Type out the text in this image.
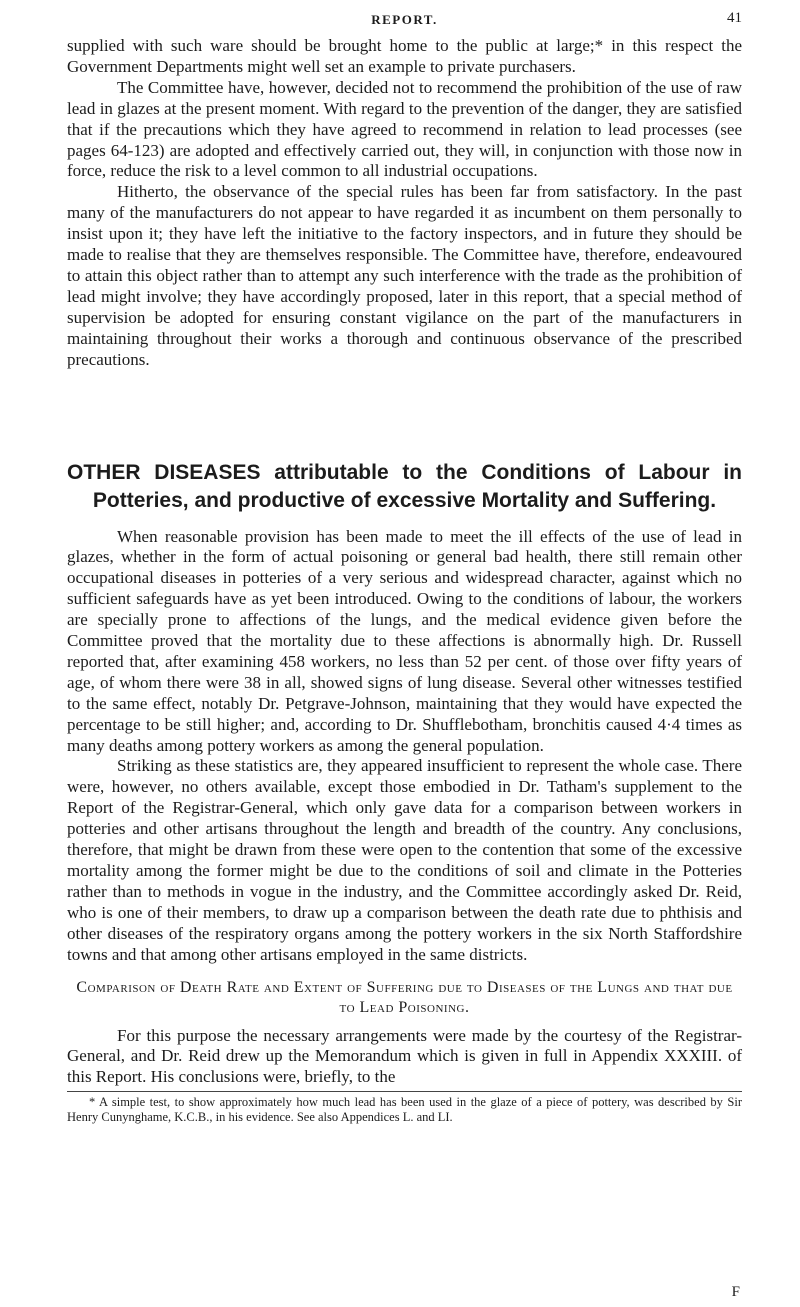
REPORT.	41

supplied with such ware should be brought home to the public at large;* in this respect the Government Departments might well set an example to private purchasers.

The Committee have, however, decided not to recommend the prohibition of the use of raw lead in glazes at the present moment. With regard to the prevention of the danger, they are satisfied that if the precautions which they have agreed to recommend in relation to lead processes (see pages 64-123) are adopted and effectively carried out, they will, in conjunction with those now in force, reduce the risk to a level common to all industrial occupations.

Hitherto, the observance of the special rules has been far from satisfactory. In the past many of the manufacturers do not appear to have regarded it as incumbent on them personally to insist upon it; they have left the initiative to the factory inspectors, and in future they should be made to realise that they are themselves responsible. The Committee have, therefore, endeavoured to attain this object rather than to attempt any such interference with the trade as the prohibition of lead might involve; they have accordingly proposed, later in this report, that a special method of supervision be adopted for ensuring constant vigilance on the part of the manufacturers in maintaining throughout their works a thorough and continuous observance of the prescribed precautions.

OTHER DISEASES attributable to the Conditions of Labour in Potteries, and productive of excessive Mortality and Suffering.

When reasonable provision has been made to meet the ill effects of the use of lead in glazes, whether in the form of actual poisoning or general bad health, there still remain other occupational diseases in potteries of a very serious and widespread character, against which no sufficient safeguards have as yet been introduced. Owing to the conditions of labour, the workers are specially prone to affections of the lungs, and the medical evidence given before the Committee proved that the mortality due to these affections is abnormally high. Dr. Russell reported that, after examining 458 workers, no less than 52 per cent. of those over fifty years of age, of whom there were 38 in all, showed signs of lung disease. Several other witnesses testified to the same effect, notably Dr. Petgrave-Johnson, maintaining that they would have expected the percentage to be still higher; and, according to Dr. Shufflebotham, bronchitis caused 4·4 times as many deaths among pottery workers as among the general population.

Striking as these statistics are, they appeared insufficient to represent the whole case. There were, however, no others available, except those embodied in Dr. Tatham's supplement to the Report of the Registrar-General, which only gave data for a comparison between workers in potteries and other artisans throughout the length and breadth of the country. Any conclusions, therefore, that might be drawn from these were open to the contention that some of the excessive mortality among the former might be due to the conditions of soil and climate in the Potteries rather than to methods in vogue in the industry, and the Committee accordingly asked Dr. Reid, who is one of their members, to draw up a comparison between the death rate due to phthisis and other diseases of the respiratory organs among the pottery workers in the six North Staffordshire towns and that among other artisans employed in the same districts.

Comparison of Death Rate and Extent of Suffering due to Diseases of the Lungs and that due to Lead Poisoning.

For this purpose the necessary arrangements were made by the courtesy of the Registrar-General, and Dr. Reid drew up the Memorandum which is given in full in Appendix XXXIII. of this Report. His conclusions were, briefly, to the

* A simple test, to show approximately how much lead has been used in the glaze of a piece of pottery, was described by Sir Henry Cunynghame, K.C.B., in his evidence. See also Appendices L. and LI.

F
